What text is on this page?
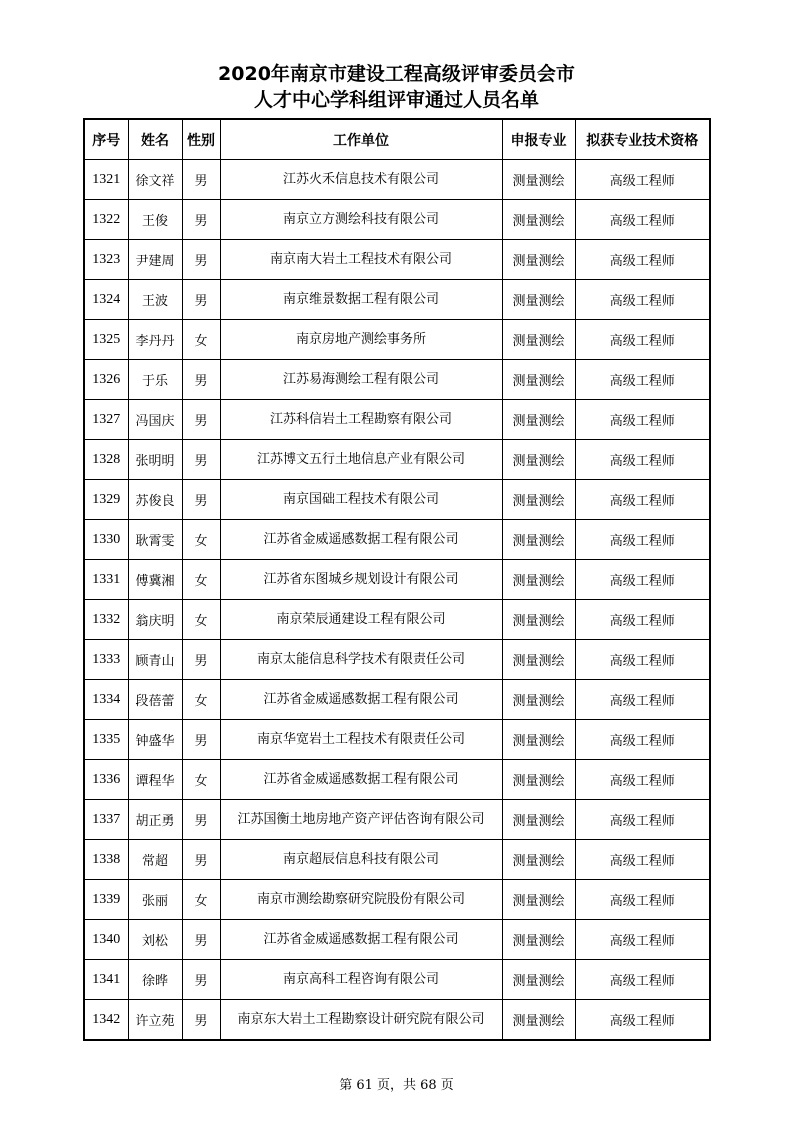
2020年南京市建设工程高级评审委员会市
人才中心学科组评审通过人员名单
序号	姓名	性别	工作单位	申报专业	拟获专业技术资格
1321	徐文祥	男	江苏火禾信息技术有限公司	测量测绘	高级工程师
1322	王俊	男	南京立方测绘科技有限公司	测量测绘	高级工程师
1323	尹建周	男	南京南大岩土工程技术有限公司	测量测绘	高级工程师
1324	王波	男	南京维景数据工程有限公司	测量测绘	高级工程师
1325	李丹丹	女	南京房地产测绘事务所	测量测绘	高级工程师
1326	于乐	男	江苏易海测绘工程有限公司	测量测绘	高级工程师
1327	冯国庆	男	江苏科信岩土工程勘察有限公司	测量测绘	高级工程师
1328	张明明	男	江苏博文五行土地信息产业有限公司	测量测绘	高级工程师
1329	苏俊良	男	南京国础工程技术有限公司	测量测绘	高级工程师
1330	耿霄雯	女	江苏省金威遥感数据工程有限公司	测量测绘	高级工程师
1331	傅冀湘	女	江苏省东图城乡规划设计有限公司	测量测绘	高级工程师
1332	翁庆明	女	南京荣辰通建设工程有限公司	测量测绘	高级工程师
1333	顾青山	男	南京太能信息科学技术有限责任公司	测量测绘	高级工程师
1334	段蓓蕾	女	江苏省金威遥感数据工程有限公司	测量测绘	高级工程师
1335	钟盛华	男	南京华宽岩土工程技术有限责任公司	测量测绘	高级工程师
1336	谭程华	女	江苏省金威遥感数据工程有限公司	测量测绘	高级工程师
1337	胡正勇	男	江苏国衡土地房地产资产评估咨询有限公司	测量测绘	高级工程师
1338	常超	男	南京超辰信息科技有限公司	测量测绘	高级工程师
1339	张丽	女	南京市测绘勘察研究院股份有限公司	测量测绘	高级工程师
1340	刘松	男	江苏省金威遥感数据工程有限公司	测量测绘	高级工程师
1341	徐晔	男	南京高科工程咨询有限公司	测量测绘	高级工程师
1342	许立苑	男	南京东大岩土工程勘察设计研究院有限公司	测量测绘	高级工程师
第 61 页，共 68 页
